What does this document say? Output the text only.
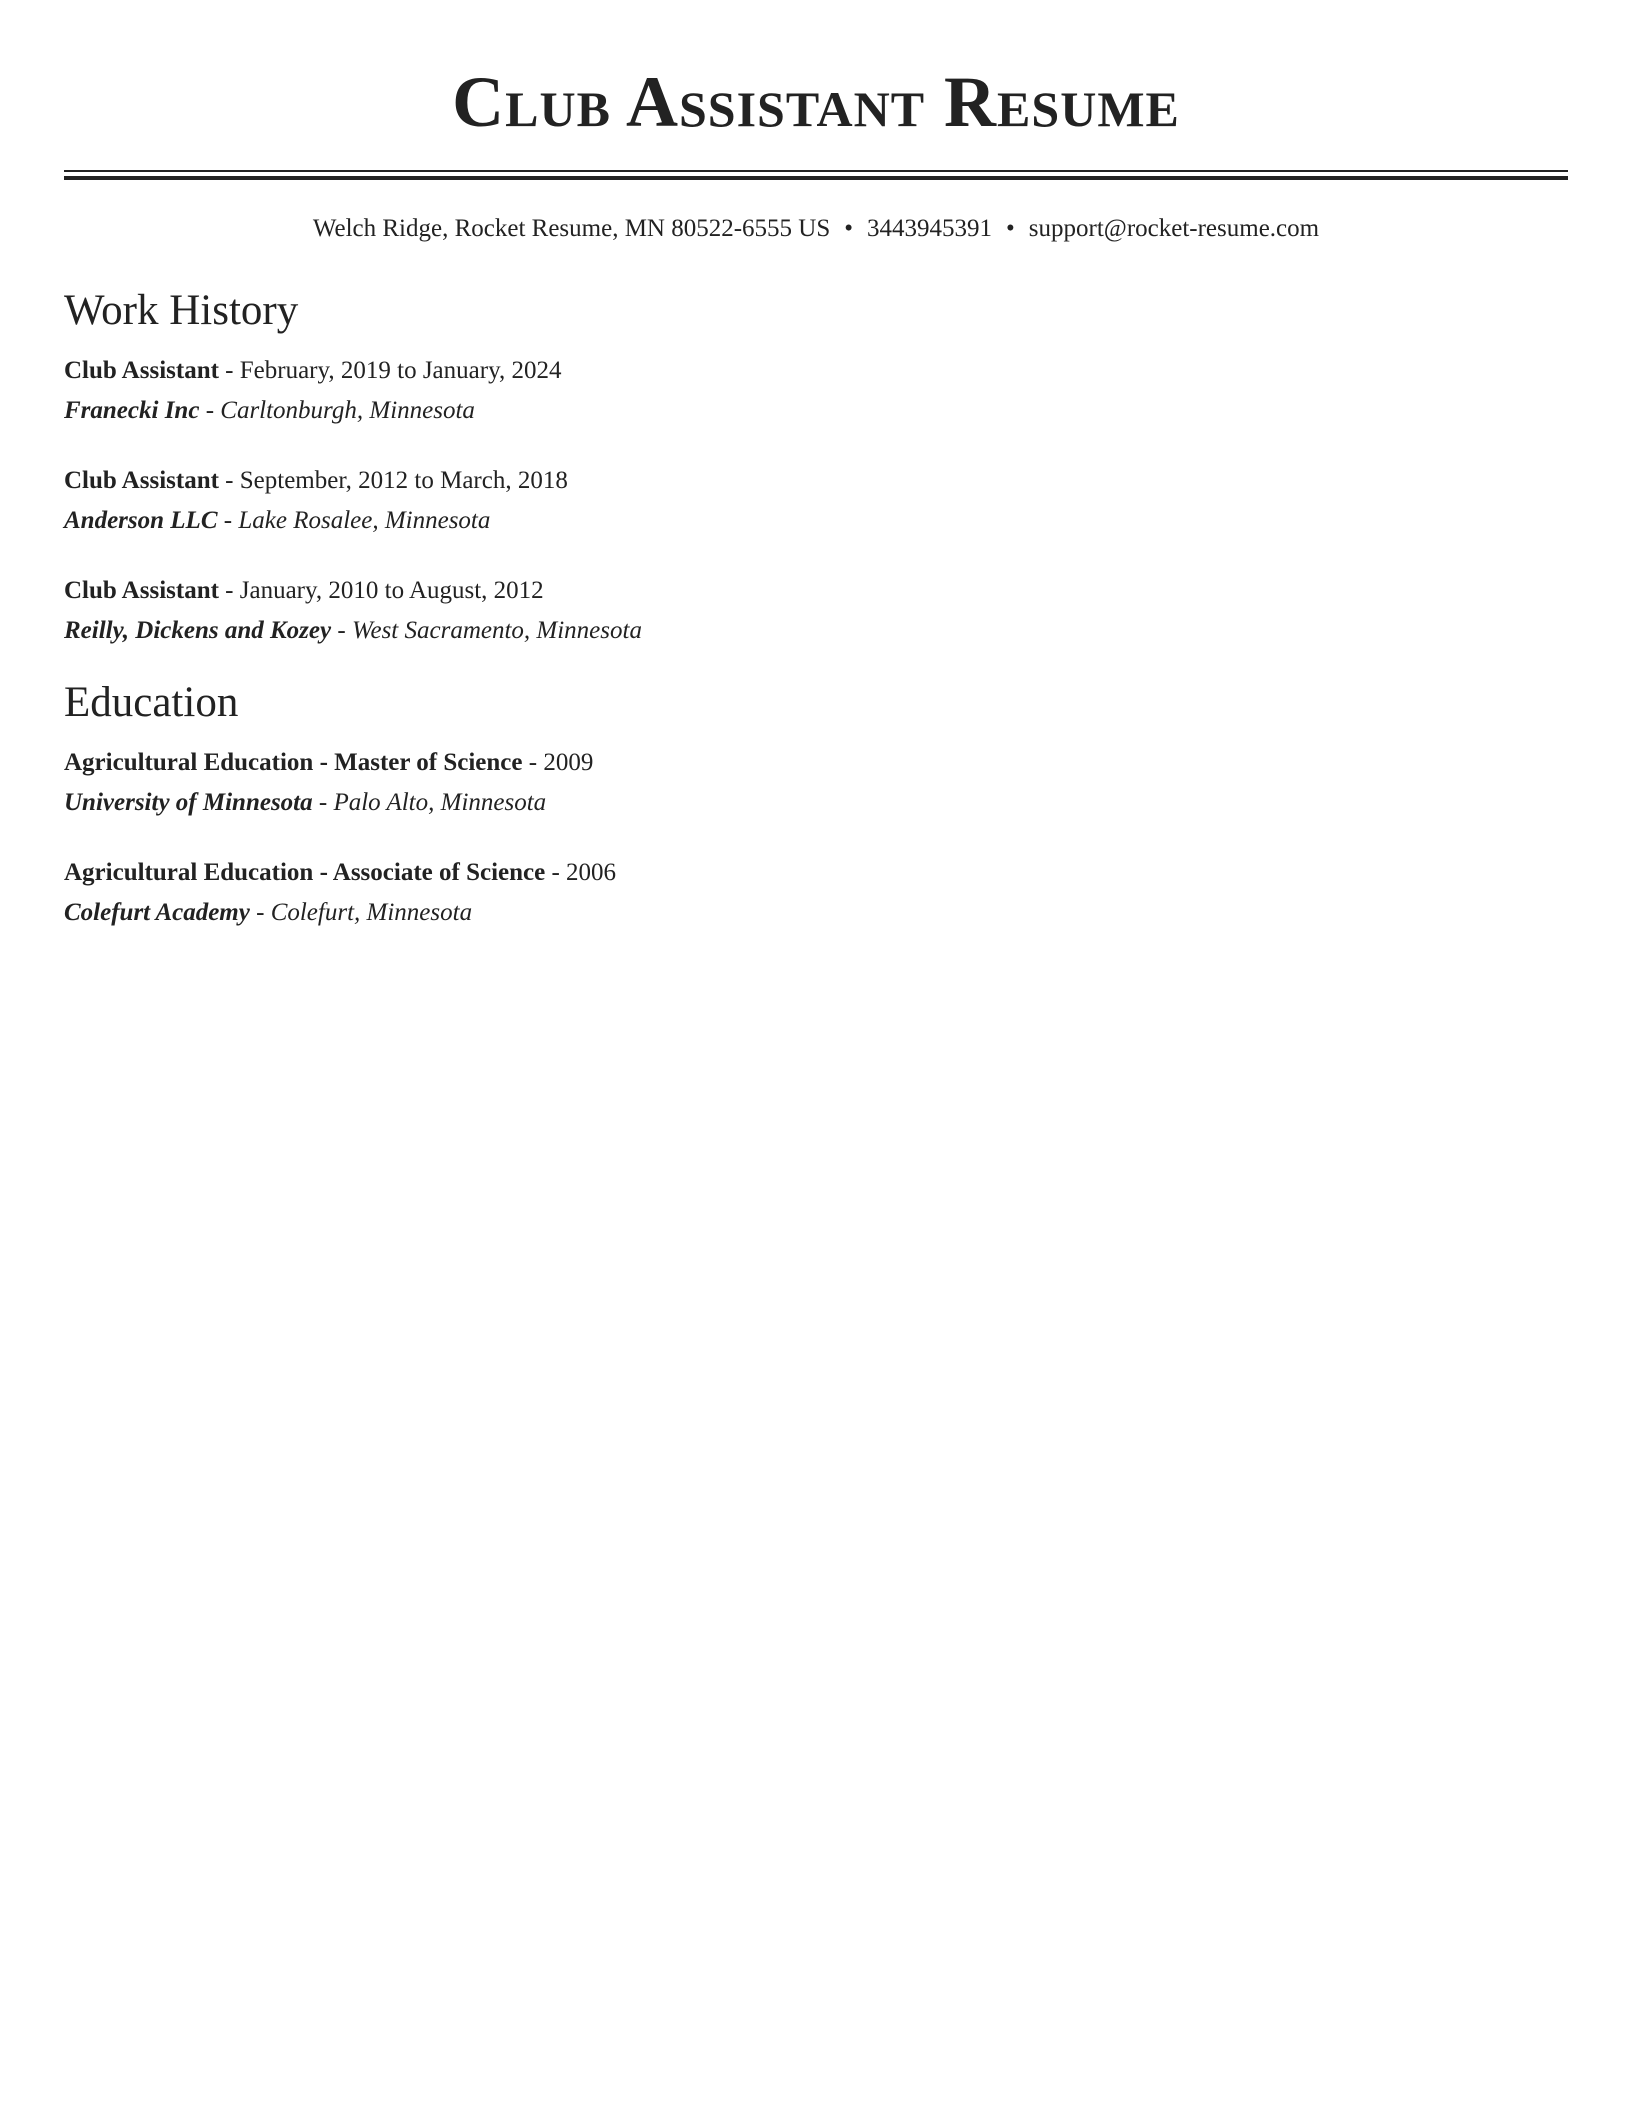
Club Assistant Resume
Welch Ridge, Rocket Resume, MN 80522-6555 US • 3443945391 • support@rocket-resume.com
Work History
Club Assistant - February, 2019 to January, 2024
Franecki Inc - Carltonburgh, Minnesota
Club Assistant - September, 2012 to March, 2018
Anderson LLC - Lake Rosalee, Minnesota
Club Assistant - January, 2010 to August, 2012
Reilly, Dickens and Kozey - West Sacramento, Minnesota
Education
Agricultural Education - Master of Science - 2009
University of Minnesota - Palo Alto, Minnesota
Agricultural Education - Associate of Science - 2006
Colefurt Academy - Colefurt, Minnesota
